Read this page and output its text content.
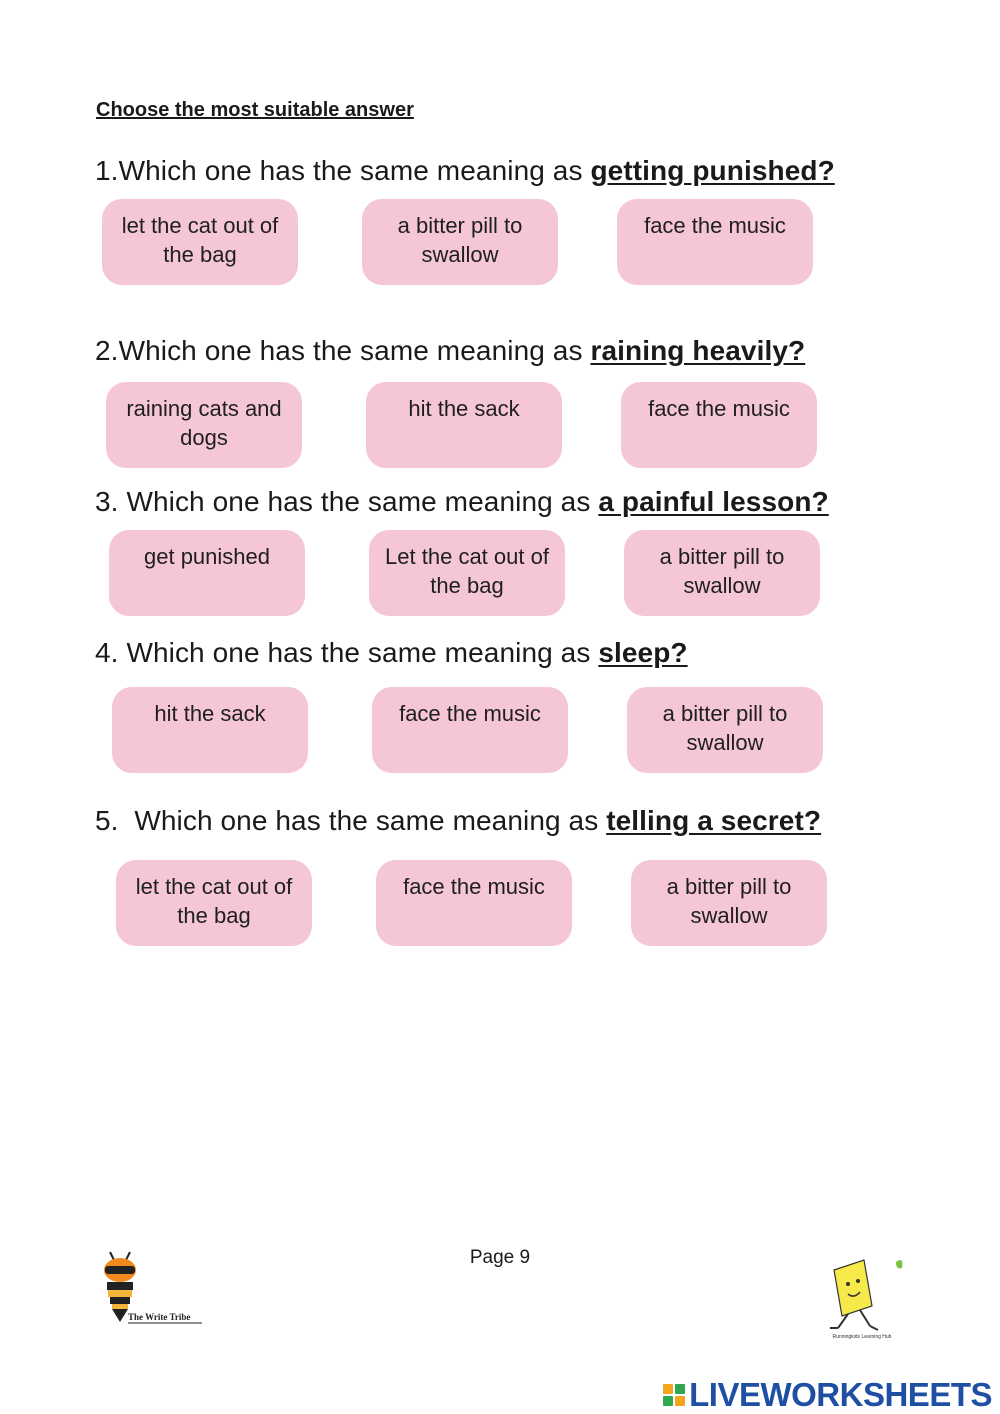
Choose the most suitable answer

1.Which one has the same meaning as getting punished?

let the cat out of the bag
a bitter pill to swallow
face the music

2.Which one has the same meaning as raining heavily?

raining cats and dogs
hit the sack	face the music

3. Which one has the same meaning as a painful lesson?

get punished	Let the cat out of the bag
a bitter pill to swallow

4. Which one has the same meaning as sleep?

hit the sack	face the music	a bitter pill to swallow

5.  Which one has the same meaning as telling a secret?

let the cat out of the bag
face the music	a bitter pill to swallow
Page 9
The Write Tribe
Runningkids Learning Hub
LIVEWORKSHEETS
